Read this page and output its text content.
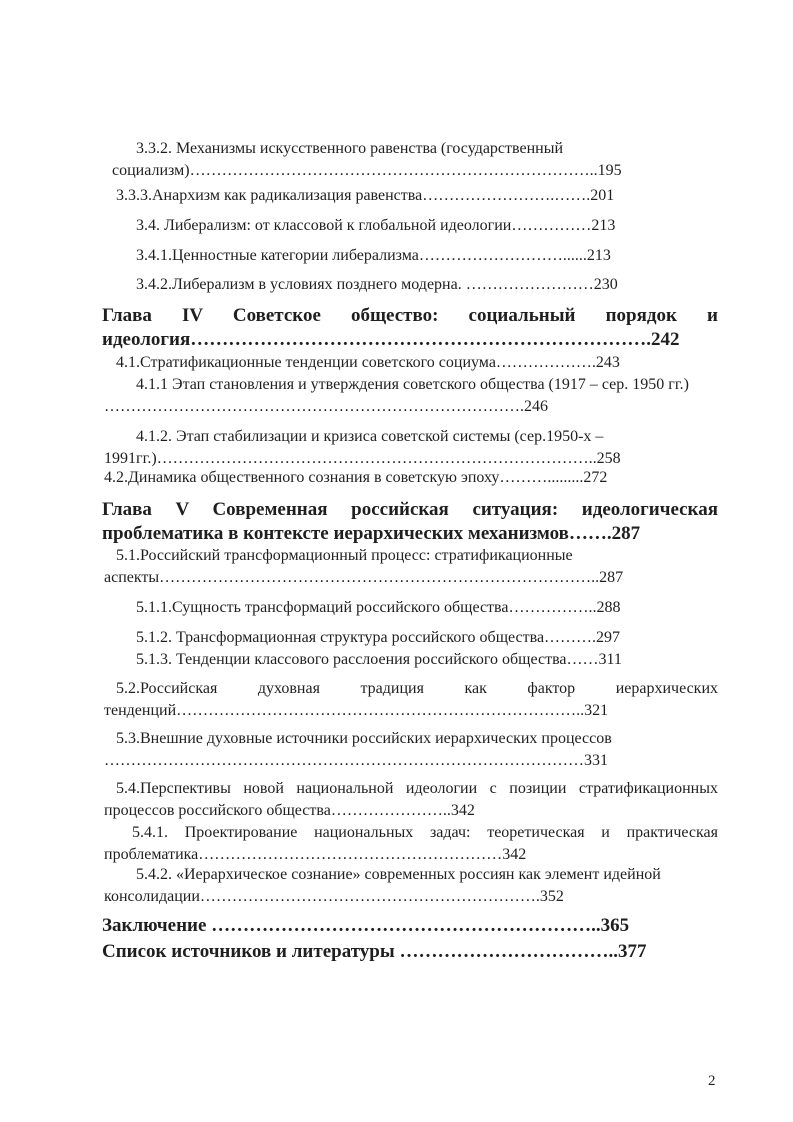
3.3.2. Механизмы искусственного равенства (государственный социализм)…………………………………………………………………..195

3.3.3.Анархизм как радикализация равенства…………………….…….201

3.4. Либерализм: от классовой к глобальной идеологии……………213

3.4.1.Ценностные категории либерализма………………………......213

3.4.2.Либерализм в условиях позднего модерна. ……………………230

Глава IV Советское общество: социальный порядок и идеология……………………………………………………………….242

4.1.Стратификационные тенденции советского социума……………….243

4.1.1 Этап становления и утверждения советского общества (1917 – сер. 1950 гг.) …………………………………………………………………….246

4.1.2. Этап стабилизации и кризиса советской системы (сер.1950-х – 1991гг.)………………………………………………………………………..258

4.2.Динамика общественного сознания в советскую эпоху……….........272

Глава V Современная российская ситуация: идеологическая проблематика в контексте иерархических механизмов…….287

5.1.Российский трансформационный процесс: стратификационные аспекты………………………………………………………………………..287

5.1.1.Сущность трансформаций российского общества……………..288

5.1.2. Трансформационная структура российского общества……….297

5.1.3. Тенденции классового расслоения российского общества……311

5.2.Российская духовная традиция как фактор иерархических тенденций…………………………………………………………………..321

5.3.Внешние духовные источники российских иерархических процессов ………………………………………………………………………………331

5.4.Перспективы новой национальной идеологии с позиции стратификационных процессов российского общества…………………..342

5.4.1. Проектирование национальных задач: теоретическая и практическая проблематика…………………………………………………342

5.4.2. «Иерархическое сознание» современных россиян как элемент идейной консолидации……………………………………………………….352

Заключение ……………………………………………………..365

Список источников и литературы ……………………………..377

2
